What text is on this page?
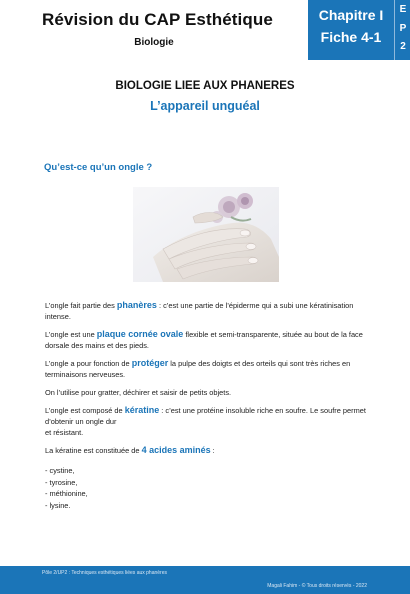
Révision du CAP Esthétique
Biologie
Chapitre I
Fiche 4-1
E
P
2
BIOLOGIE LIEE AUX PHANERES
L’appareil unguéal
Qu’est-ce qu’un ongle ?

L’ongle fait partie des phanères : c’est une partie de l’épiderme qui a subi une kératinisation intense.

L’ongle est une plaque cornée ovale flexible et semi-transparente, située au bout de la face dorsale des mains et des pieds.

L’ongle a pour fonction de protéger la pulpe des doigts et des orteils qui sont très riches en terminaisons nerveuses.

On l’utilise pour gratter, déchirer et saisir de petits objets.

L’ongle est composé de kératine : c’est une protéine insoluble riche en soufre. Le soufre permet d’obtenir un ongle dur
et résistant.

La kératine est constituée de 4 acides aminés :

- cystine,
- tyrosine,
- méthionine,
- lysine.
Pôle 2/UP2 : Techniques esthétiques liées aux phanères
Magali Fahim - © Tous droits réservés - 2022
